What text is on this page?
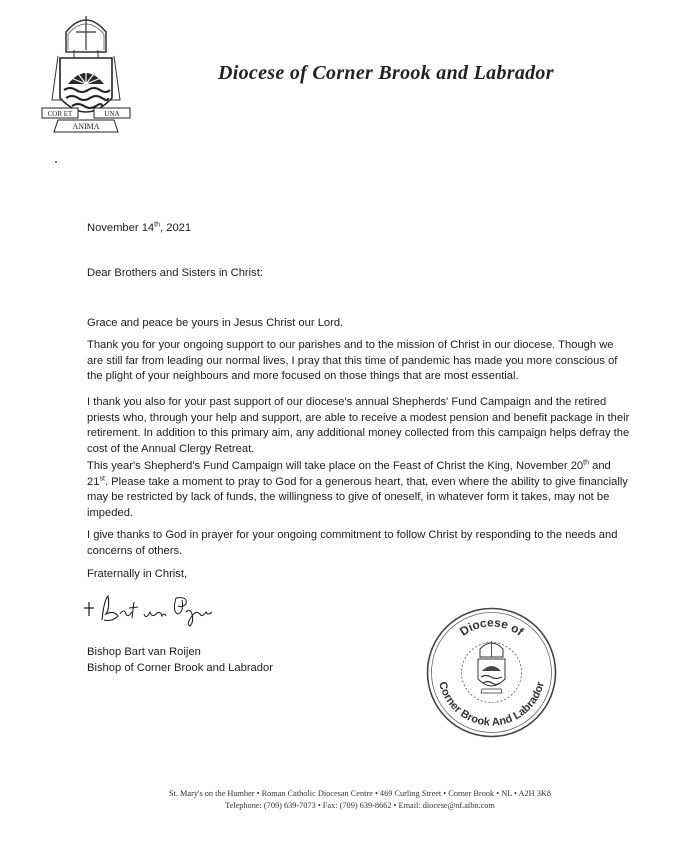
COR ET	UNA
ANIMA
Diocese of Corner Brook and Labrador
November 14th, 2021
Dear Brothers and Sisters in Christ:

Grace and peace be yours in Jesus Christ our Lord.

Thank you for your ongoing support to our parishes and to the mission of Christ in our diocese. Though we are still far from leading our normal lives, I pray that this time of pandemic has made you more conscious of the plight of your neighbours and more focused on those things that are most essential.

I thank you also for your past support of our diocese's annual Shepherds' Fund Campaign and the retired priests who, through your help and support, are able to receive a modest pension and benefit package in their retirement. In addition to this primary aim, any additional money collected from this campaign helps defray the cost of the Annual Clergy Retreat.

This year's Shepherd's Fund Campaign will take place on the Feast of Christ the King, November 20th and 21st. Please take a moment to pray to God for a generous heart, that, even where the ability to give financially may be restricted by lack of funds, the willingness to give of oneself, in whatever form it takes, may not be impeded.

I give thanks to God in prayer for your ongoing commitment to follow Christ by responding to the needs and concerns of others.

Fraternally in Christ,
Bishop Bart van Roijen
Bishop of Corner Brook and Labrador
Diocese of
Corner Brook And Labrador
St. Mary's on the Humber • Roman Catholic Diocesan Centre • 469 Curling Street • Corner Brook • NL • A2H 3K8
Telephone: (709) 639-7073 • Fax: (709) 639-8662 • Email: diocese@nf.aibn.com
